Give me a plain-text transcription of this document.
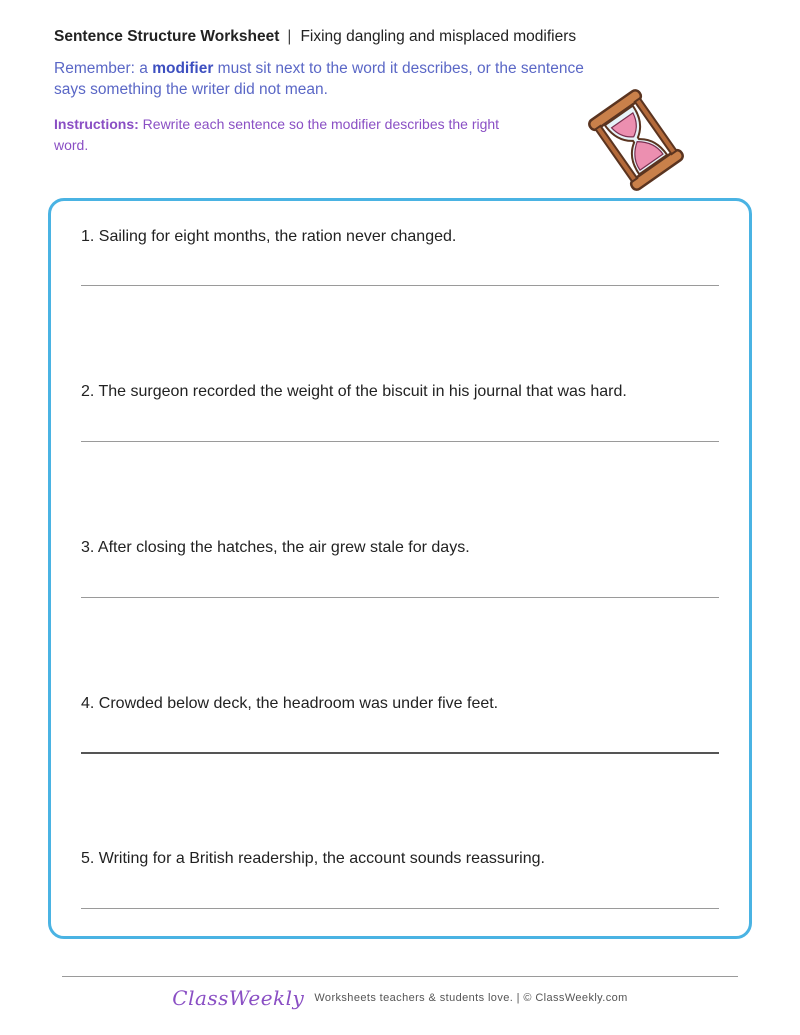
Sentence Structure Worksheet | Fixing dangling and misplaced modifiers
Remember: a modifier must sit next to the word it describes, or the sentence says something the writer did not mean.
Instructions: Rewrite each sentence so the modifier describes the right word.
1. Sailing for eight months, the ration never changed.
2. The surgeon recorded the weight of the biscuit in his journal that was hard.
3. After closing the hatches, the air grew stale for days.
4. Crowded below deck, the headroom was under five feet.
5. Writing for a British readership, the account sounds reassuring.
ClassWeekly Worksheets teachers & students love. | © ClassWeekly.com
